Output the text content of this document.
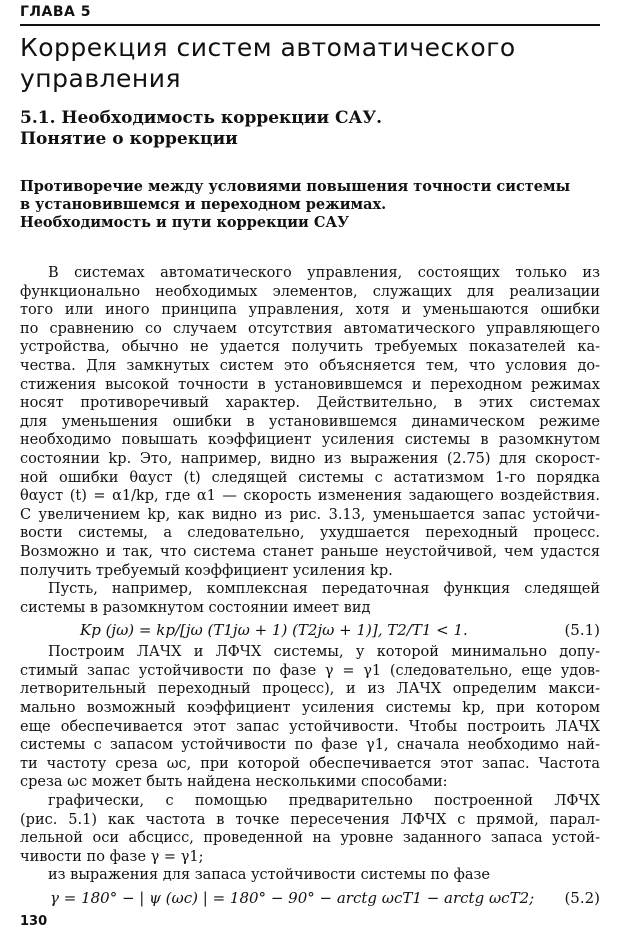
ГЛАВА 5
Коррекция систем автоматического
управления
5.1. Необходимость коррекции САУ.
Понятие о коррекции
Противоречие между условиями повышения точности системы
в установившемся и переходном режимах.
Необходимость и пути коррекции САУ
В системах автоматического управления, состоящих только из
функционально необходимых элементов, служащих для реализации
того или иного принципа управления, хотя и уменьшаются ошибки
по сравнению со случаем отсутствия автоматического управляющего
устройства, обычно не удается получить требуемых показателей ка-
чества. Для замкнутых систем это объясняется тем, что условия до-
стижения высокой точности в установившемся и переходном режимах
носят противоречивый характер. Действительно, в этих системах
для уменьшения ошибки в установившемся динамическом режиме
необходимо повышать коэффициент усиления системы в разомкнутом
состоянии kр. Это, например, видно из выражения (2.75) для скорост-
ной ошибки θαуст (t) следящей системы с астатизмом 1-го порядка
θαуст (t) = α1/kр, где α1 — скорость изменения задающего воздействия.
С увеличением kр, как видно из рис. 3.13, уменьшается запас устойчи-
вости системы, а следовательно, ухудшается переходный процесс.
Возможно и так, что система станет раньше неустойчивой, чем удастся
получить требуемый коэффициент усиления kр.
Пусть, например, комплексная передаточная функция следящей
системы в разомкнутом состоянии имеет вид
Kр (jω) = kр/[jω (T1jω + 1) (T2jω + 1)], T2/T1 < 1.	(5.1)
Построим ЛАЧХ и ЛФЧХ системы, у которой минимально допу-
стимый запас устойчивости по фазе γ = γ1 (следовательно, еще удов-
летворительный переходный процесс), и из ЛАЧХ определим макси-
мально возможный коэффициент усиления системы kр, при котором
еще обеспечивается этот запас устойчивости. Чтобы построить ЛАЧХ
системы с запасом устойчивости по фазе γ1, сначала необходимо най-
ти частоту среза ωс, при которой обеспечивается этот запас. Частота
среза ωс может быть найдена несколькими способами:
графически, с помощью предварительно построенной ЛФЧХ
(рис. 5.1) как частота в точке пересечения ЛФЧХ с прямой, парал-
лельной оси абсцисс, проведенной на уровне заданного запаса устой-
чивости по фазе γ = γ1;
из выражения для запаса устойчивости системы по фазе
γ = 180° − | ψ (ωс) | = 180° − 90° − arctg ωсT1 − arctg ωсT2;	(5.2)
130
